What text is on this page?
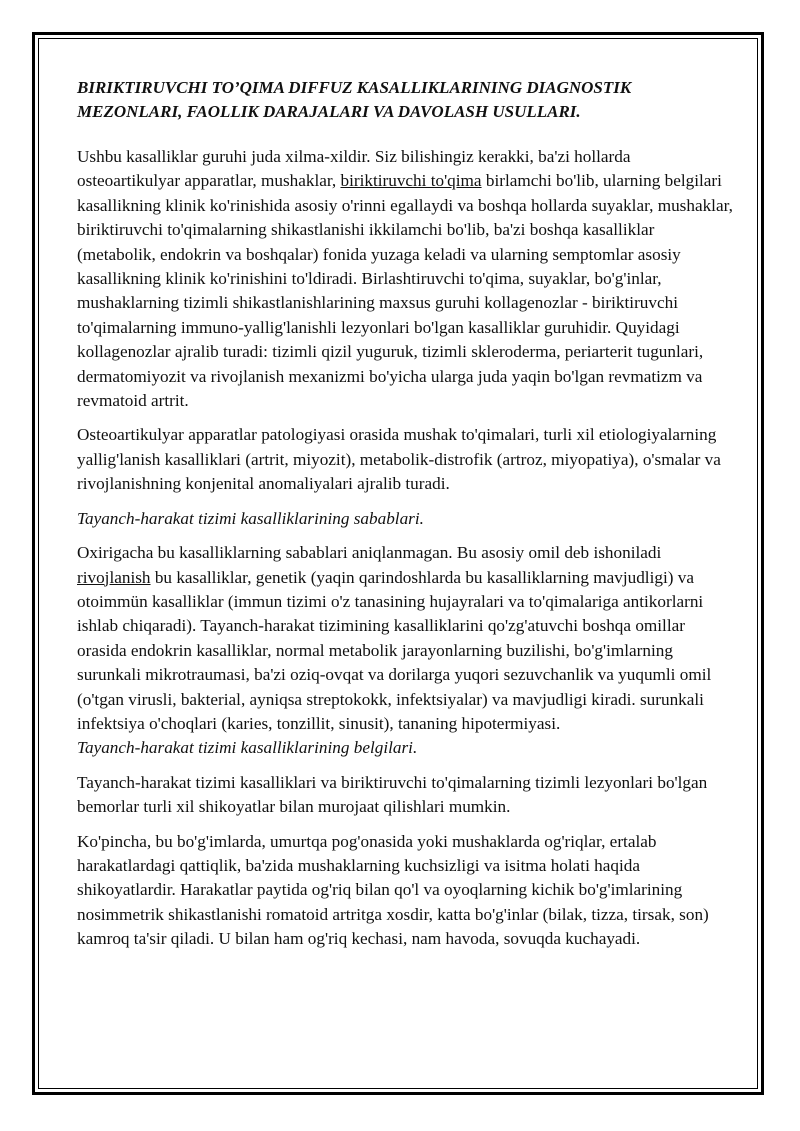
BIRIKTIRUVCHI TO’QIMA DIFFUZ KASALLIKLARINING DIAGNOSTIK MEZONLARI, FAOLLIK DARAJALARI VA DAVOLASH USULLARI.

Ushbu kasalliklar guruhi juda xilma-xildir. Siz bilishingiz kerakki, ba'zi hollarda osteoartikulyar apparatlar, mushaklar, biriktiruvchi to'qima birlamchi bo'lib, ularning belgilari kasallikning klinik ko'rinishida asosiy o'rinni egallaydi va boshqa hollarda suyaklar, mushaklar, biriktiruvchi to'qimalarning shikastlanishi ikkilamchi bo'lib, ba'zi boshqa kasalliklar (metabolik, endokrin va boshqalar) fonida yuzaga keladi va ularning semptomlar asosiy kasallikning klinik ko'rinishini to'ldiradi. Birlashtiruvchi to'qima, suyaklar, bo'g'inlar, mushaklarning tizimli shikastlanishlarining maxsus guruhi kollagenozlar - biriktiruvchi to'qimalarning immuno-yallig'lanishli lezyonlari bo'lgan kasalliklar guruhidir. Quyidagi kollagenozlar ajralib turadi: tizimli qizil yuguruk, tizimli skleroderma, periarterit tugunlari, dermatomiyozit va rivojlanish mexanizmi bo'yicha ularga juda yaqin bo'lgan revmatizm va revmatoid artrit.

Osteoartikulyar apparatlar patologiyasi orasida mushak to'qimalari, turli xil etiologiyalarning yallig'lanish kasalliklari (artrit, miyozit), metabolik-distrofik (artroz, miyopatiya), o'smalar va rivojlanishning konjenital anomaliyalari ajralib turadi.

Tayanch-harakat tizimi kasalliklarining sabablari.

Oxirigacha bu kasalliklarning sabablari aniqlanmagan. Bu asosiy omil deb ishoniladi rivojlanish bu kasalliklar, genetik (yaqin qarindoshlarda bu kasalliklarning mavjudligi) va otoimmün kasalliklar (immun tizimi o'z tanasining hujayralari va to'qimalariga antikorlarni ishlab chiqaradi). Tayanch-harakat tizimining kasalliklarini qo'zg'atuvchi boshqa omillar orasida endokrin kasalliklar, normal metabolik jarayonlarning buzilishi, bo'g'imlarning surunkali mikrotraumasi, ba'zi oziq-ovqat va dorilarga yuqori sezuvchanlik va yuqumli omil (o'tgan virusli, bakterial, ayniqsa streptokokk, infektsiyalar) va mavjudligi kiradi. surunkali infektsiya o'choqlari (karies, tonzillit, sinusit), tananing hipotermiyasi.

Tayanch-harakat tizimi kasalliklarining belgilari.

Tayanch-harakat tizimi kasalliklari va biriktiruvchi to'qimalarning tizimli lezyonlari bo'lgan bemorlar turli xil shikoyatlar bilan murojaat qilishlari mumkin.

Ko'pincha, bu bo'g'imlarda, umurtqa pog'onasida yoki mushaklarda og'riqlar, ertalab harakatlardagi qattiqlik, ba'zida mushaklarning kuchsizligi va isitma holati haqida shikoyatlardir. Harakatlar paytida og'riq bilan qo'l va oyoqlarning kichik bo'g'imlarining nosimmetrik shikastlanishi romatoid artritga xosdir, katta bo'g'inlar (bilak, tizza, tirsak, son) kamroq ta'sir qiladi. U bilan ham og'riq kechasi, nam havoda, sovuqda kuchayadi.
